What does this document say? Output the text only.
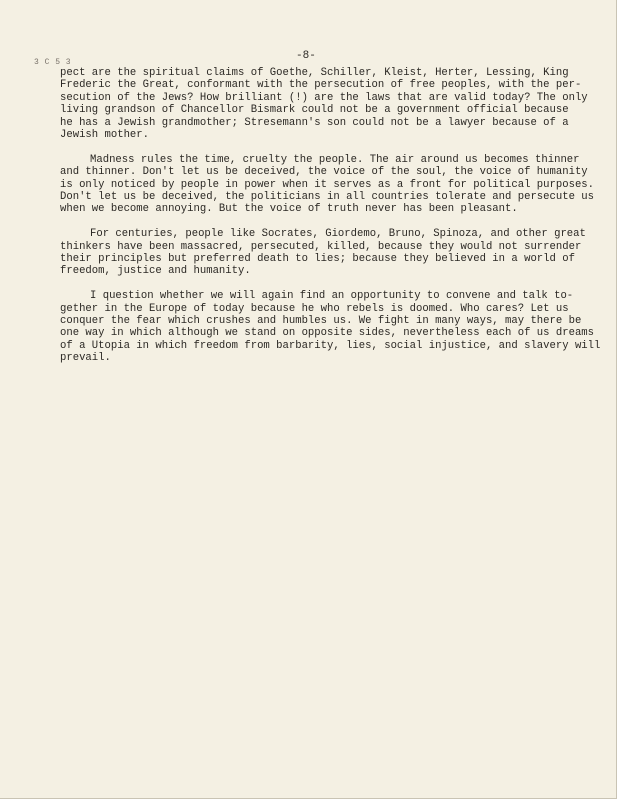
3 C 5 3
-8-

pect are the spiritual claims of Goethe, Schiller, Kleist, Herter, Lessing, King
Frederic the Great, conformant with the persecution of free peoples, with the per-
secution of the Jews? How brilliant (!) are the laws that are valid today? The only
living grandson of Chancellor Bismark could not be a government official because
he has a Jewish grandmother; Stresemann's son could not be a lawyer because of a
Jewish mother.

Madness rules the time, cruelty the people. The air around us becomes thinner
and thinner. Don't let us be deceived, the voice of the soul, the voice of humanity
is only noticed by people in power when it serves as a front for political purposes.
Don't let us be deceived, the politicians in all countries tolerate and persecute us
when we become annoying. But the voice of truth never has been pleasant.

For centuries, people like Socrates, Giordemo, Bruno, Spinoza, and other great
thinkers have been massacred, persecuted, killed, because they would not surrender
their principles but preferred death to lies; because they believed in a world of
freedom, justice and humanity.

I question whether we will again find an opportunity to convene and talk to-
gether in the Europe of today because he who rebels is doomed. Who cares? Let us
conquer the fear which crushes and humbles us. We fight in many ways, may there be
one way in which although we stand on opposite sides, nevertheless each of us dreams
of a Utopia in which freedom from barbarity, lies, social injustice, and slavery will
prevail.
